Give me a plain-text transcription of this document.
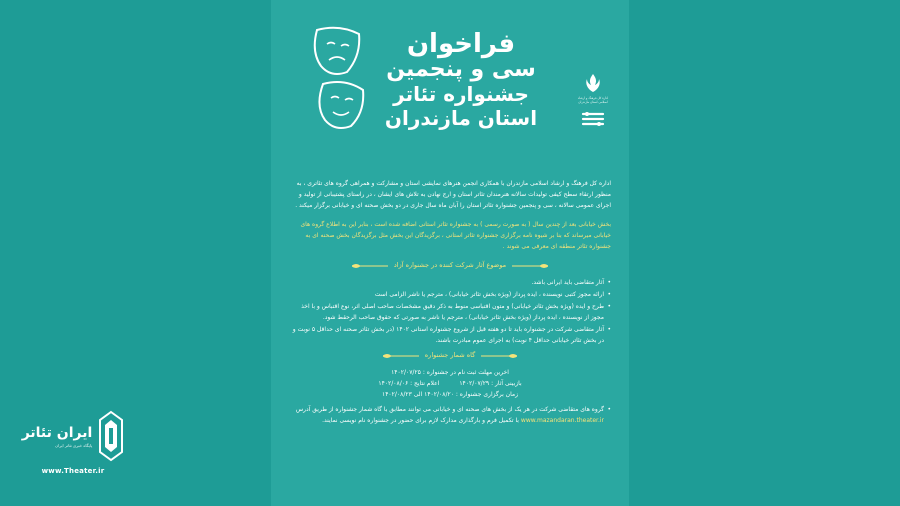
فراخوان
سی و پنجمین
جشنواره تئاتر
استان مازندران
اداره کل فرهنگ و ارشاد اسلامی استان مازندران

اداره کل فرهنگ و ارشاد اسلامی مازندران با همکاری انجمن هنرهای نمایشی استان و مشارکت و همراهی گروه های تئاتری ، به منظور ارتقاء سطح کیفی تولیدات سالانه هنرمندان تئاتر استان و ارج نهادن به تلاش های ایشان ، در راستای پشتیبانی از تولید و اجرای عمومی سالانه ، سی و پنجمین جشنواره تئاتر استان را آبان ماه سال جاری در دو بخش صحنه ای و خیابانی برگزار میکند .

بخش خیابانی بعد از چندین سال ( به صورت رسمی ) به جشنواره تئاتر استانی اضافه شده است ، بنابر این به اطلاع گروه های خیابانی میرساند که بنا بر شیوه نامه برگزاری جشنواره تئاتر استانی ، برگزیدگان این بخش مثل برگزیدگان بخش صحنه ای به جشنواره تئاتر منطقه ای معرفی می شوند .

موضوع آثار شرکت کننده در جشنواره آزاد
• آثار متقاضی باید ایرانی باشد.
• ارائه مجوز کتبی نویسنده ، ایده پرداز (ویژه بخش تئاتر خیابانی) ، مترجم یا ناشر الزامی است
• طرح و ایده (ویژه بخش تئاتر خیابانی) و متون اقتباسی منوط به ذکر دقیق مشخصات صاحب اصلی اثر، نوع اقتباس و با اخذ مجوز از نویسنده ، ایده پرداز (ویژه بخش تئاتر خیابانی) ، مترجم یا ناشر به صورتی که حقوق صاحب الرحقط شود.
• آثار متقاضی شرکت در جشنواره باید تا دو هفته قبل از شروع جشنواره استانی ۱۴۰۲ (در بخش تئاتر صحنه ای حداقل ۵ نوبت و در بخش تئاتر خیابانی حداقل ۴ نوبت) به اجرای عموم مبادرت باشند.
گاه شمار جشنواره
اخرین مهلت ثبت نام در جشنواره : ۱۴۰۲/۰۷/۲۵
بازبینی آثار : ۱۴۰۲/۰۷/۲۹
اعلام نتایج : ۱۴۰۲/۰۸/۰۶
زمان برگزاری جشنواره : ۱۴۰۲/۰۸/۲۰ الی ۱۴۰۲/۰۸/۲۳
• گروه های متقاضی شرکت در هر یک از بخش های صحنه ای و خیابانی می توانند مطابق با گاه شمار جشنواره از طریق آدرس www.mazandaran.theater.ir با تکمیل فرم و بارگذاری مدارک لازم برای حضور در جشنواره نام نویسی نمایند.
ایران تئاتر
پایگاه خبری تئاتر ایران
www.Theater.ir
